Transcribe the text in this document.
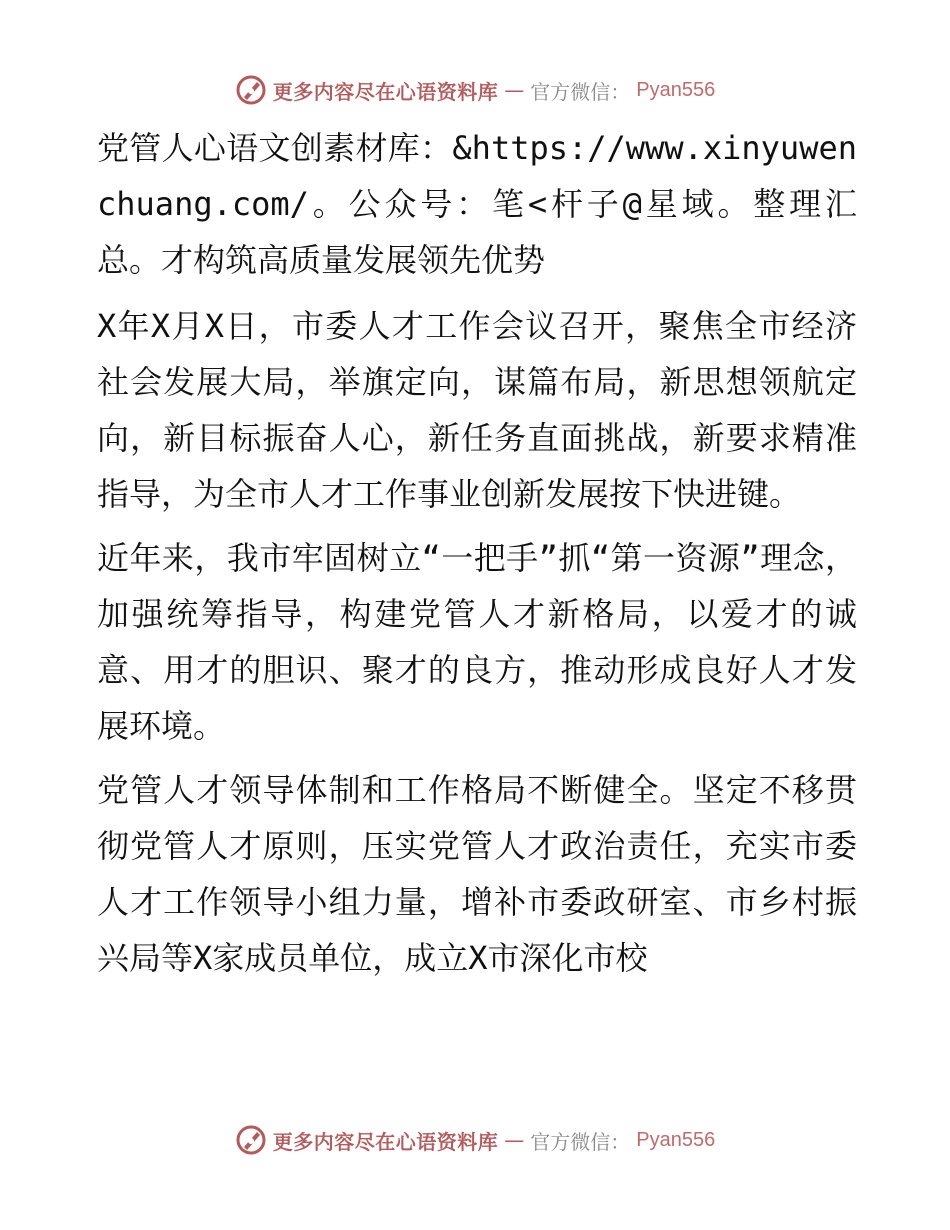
更多内容尽在心语资料库 — 官方微信： Pyan556

党管人心语文创素材库：&https://www.xinyuwenchuang.com/。公众号：笔<杆子@星域。整理汇总。才构筑高质量发展领先优势

X年X月X日，市委人才工作会议召开，聚焦全市经济社会发展大局，举旗定向，谋篇布局，新思想领航定向，新目标振奋人心，新任务直面挑战，新要求精准指导，为全市人才工作事业创新发展按下快进键。

近年来，我市牢固树立“一把手”抓“第一资源”理念，加强统筹指导，构建党管人才新格局，以爱才的诚意、用才的胆识、聚才的良方，推动形成良好人才发展环境。

党管人才领导体制和工作格局不断健全。坚定不移贯彻党管人才原则，压实党管人才政治责任，充实市委人才工作领导小组力量，增补市委政研室、市乡村振兴局等X家成员单位，成立X市深化市校

更多内容尽在心语资料库 — 官方微信： Pyan556
